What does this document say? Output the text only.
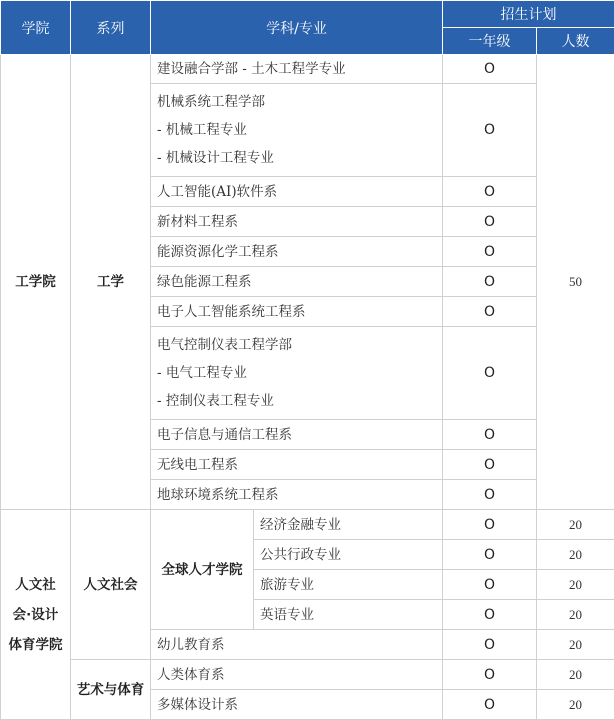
学院	系列	学科/专业		招生计划	
				一年级	人数
工学院	工学	建设融合学部 - 土木工程学专业		O	50

		机械系统工程学部
- 机械工程专业
- 机械设计工程专业		O	
		人工智能(AI)软件系		O	
		新材料工程系		O	
		能源资源化学工程系		O	
		绿色能源工程系		O	
		电子人工智能系统工程系		O	

		电气控制仪表工程学部
- 电气工程专业
- 控制仪表工程专业		O	
		电子信息与通信工程系		O	
		无线电工程系		O	
		地球环境系统工程系		O	

人文社
会·设计
体育学院	人文社会	全球人才学院	经济金融专业	O	20
			公共行政专业	O	20
			旅游专业	O	20
			英语专业	O	20
		幼儿教育系		O	20
	艺术与体育	人类体育系		O	20
		多媒体设计系		O	20
